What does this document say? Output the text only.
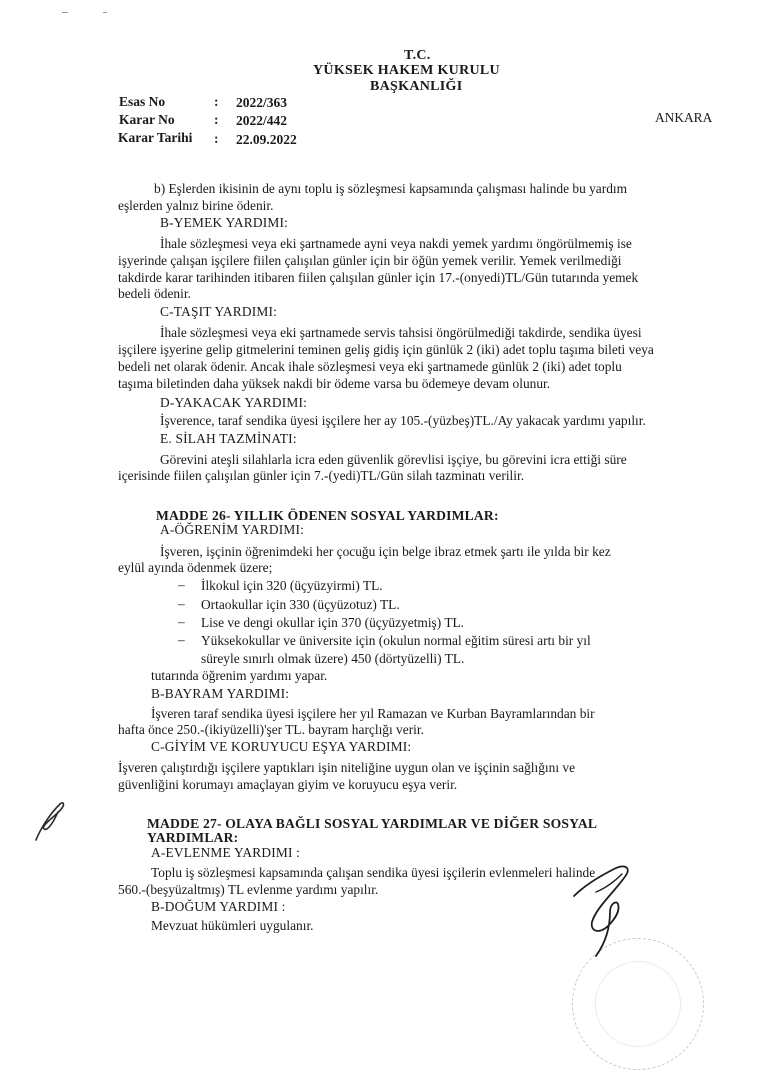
T.C.
YÜKSEK HAKEM KURULU
BAŞKANLIĞI
Esas No	: 2022/363
Karar No	: 2022/442
Karar Tarihi : 22.09.2022
ANKARA
b) Eşlerden ikisinin de aynı toplu iş sözleşmesi kapsamında çalışması halinde bu yardım
eşlerden yalnız birine ödenir.
B-YEMEK YARDIMI:
İhale sözleşmesi veya eki şartnamede ayni veya nakdi yemek yardımı öngörülmemiş ise
işyerinde çalışan işçilere fiilen çalışılan günler için bir öğün yemek verilir. Yemek verilmediği
takdirde karar tarihinden itibaren fiilen çalışılan günler için 17.-(onyedi)TL/Gün tutarında yemek
bedeli ödenir.
C-TAŞIT YARDIMI:
İhale sözleşmesi veya eki şartnamede servis tahsisi öngörülmediği takdirde, sendika üyesi
işçilere işyerine gelip gitmelerini teminen geliş gidiş için günlük 2 (iki) adet toplu taşıma bileti veya
bedeli net olarak ödenir. Ancak ihale sözleşmesi veya eki şartnamede günlük 2 (iki) adet toplu
taşıma biletinden daha yüksek nakdi bir ödeme varsa bu ödemeye devam olunur.
D-YAKACAK YARDIMI:
İşverence, taraf sendika üyesi işçilere her ay 105.-(yüzbeş)TL./Ay yakacak yardımı yapılır.
E. SİLAH TAZMİNATI:
Görevini ateşli silahlarla icra eden güvenlik görevlisi işçiye, bu görevini icra ettiği süre
içerisinde fiilen çalışılan günler için 7.-(yedi)TL/Gün silah tazminatı verilir.
MADDE 26- YILLIK ÖDENEN SOSYAL YARDIMLAR:
A-ÖĞRENİM YARDIMI:
İşveren, işçinin öğrenimdeki her çocuğu için belge ibraz etmek şartı ile yılda bir kez
eylül ayında ödenmek üzere;
– İlkokul için 320 (üçyüzyirmi) TL.
– Ortaokullar için 330 (üçyüzotuz) TL.
– Lise ve dengi okullar için 370 (üçyüzyetmiş) TL.
– Yüksekokullar ve üniversite için (okulun normal eğitim süresi artı bir yıl
süreyle sınırlı olmak üzere) 450 (dörtyüzelli) TL.
tutarında öğrenim yardımı yapar.
B-BAYRAM YARDIMI:
İşveren taraf sendika üyesi işçilere her yıl Ramazan ve Kurban Bayramlarından bir
hafta önce 250.-(ikiyüzelli)'şer TL. bayram harçlığı verir.
C-GİYİM VE KORUYUCU EŞYA YARDIMI:
İşveren çalıştırdığı işçilere yaptıkları işin niteliğine uygun olan ve işçinin sağlığını ve
güvenliğini korumayı amaçlayan giyim ve koruyucu eşya verir.
MADDE 27- OLAYA BAĞLI SOSYAL YARDIMLAR VE DİĞER SOSYAL
YARDIMLAR:
A-EVLENME YARDIMI :
Toplu iş sözleşmesi kapsamında çalışan sendika üyesi işçilerin evlenmeleri halinde
560.-(beşyüzaltmış) TL evlenme yardımı yapılır.
B-DOĞUM YARDIMI :
Mevzuat hükümleri uygulanır.
